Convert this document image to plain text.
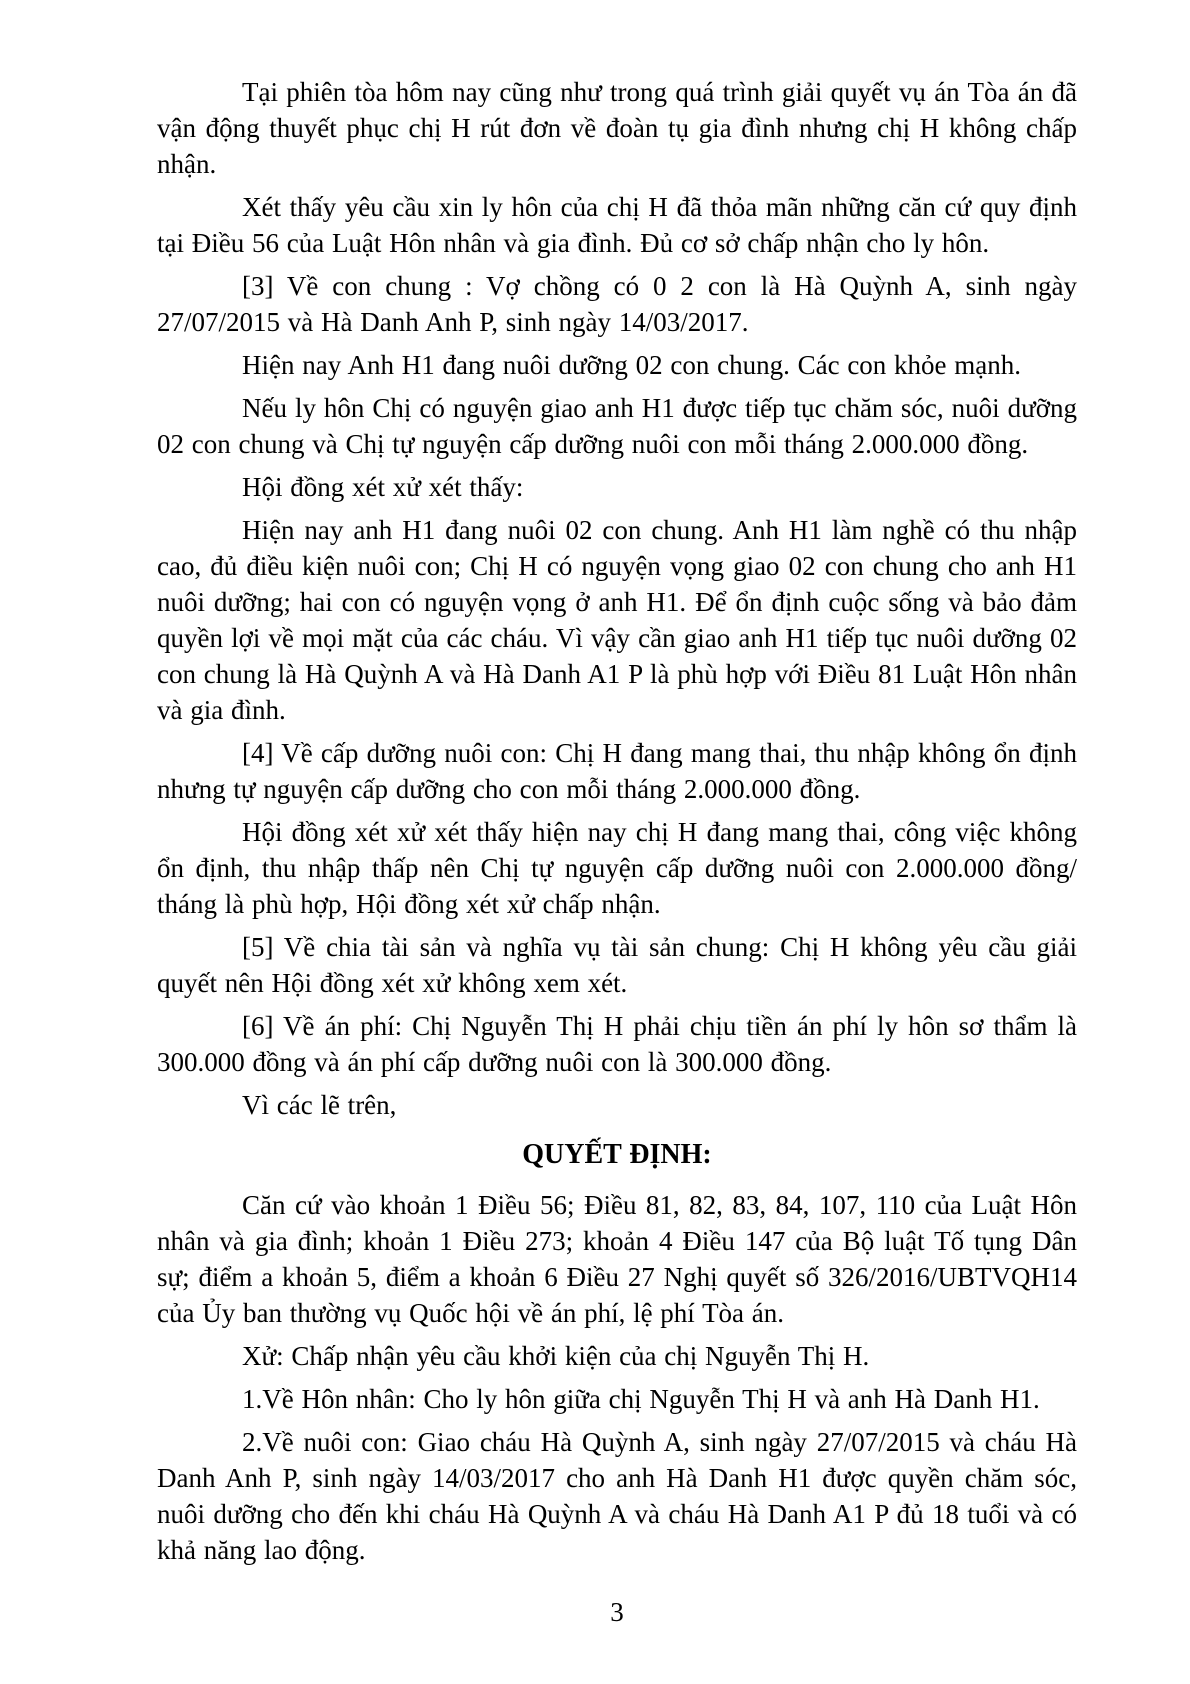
Tại phiên tòa hôm nay cũng như trong quá trình giải quyết vụ án Tòa án đã vận động thuyết phục chị H rút đơn về đoàn tụ gia đình nhưng chị H không chấp nhận.

Xét thấy yêu cầu xin ly hôn của chị H đã thỏa mãn những căn cứ quy định tại Điều 56 của Luật Hôn nhân và gia đình. Đủ cơ sở chấp nhận cho ly hôn.

[3] Về con chung : Vợ chồng có 0 2 con là Hà Quỳnh A, sinh ngày 27/07/2015 và Hà Danh Anh P, sinh ngày 14/03/2017.

Hiện nay Anh H1 đang nuôi dưỡng 02 con chung. Các con khỏe mạnh.

Nếu ly hôn Chị có nguyện giao anh H1 được tiếp tục chăm sóc, nuôi dưỡng 02 con chung và Chị tự nguyện cấp dưỡng nuôi con mỗi tháng 2.000.000 đồng.

Hội đồng xét xử xét thấy:

Hiện nay anh H1 đang nuôi 02 con chung. Anh H1 làm nghề có thu nhập cao, đủ điều kiện nuôi con; Chị H có nguyện vọng giao 02 con chung cho anh H1 nuôi dưỡng; hai con có nguyện vọng ở anh H1. Để ổn định cuộc sống và bảo đảm quyền lợi về mọi mặt của các cháu. Vì vậy cần giao anh H1 tiếp tục nuôi dưỡng 02 con chung là Hà Quỳnh A và Hà Danh A1 P là phù hợp với Điều 81 Luật Hôn nhân và gia đình.

[4] Về cấp dưỡng nuôi con: Chị H đang mang thai, thu nhập không ổn định nhưng tự nguyện cấp dưỡng cho con mỗi tháng 2.000.000 đồng.

Hội đồng xét xử xét thấy hiện nay chị H đang mang thai, công việc không ổn định, thu nhập thấp nên Chị tự nguyện cấp dưỡng nuôi con 2.000.000 đồng/ tháng là phù hợp, Hội đồng xét xử chấp nhận.

[5] Về chia tài sản và nghĩa vụ tài sản chung: Chị H không yêu cầu giải quyết nên Hội đồng xét xử không xem xét.

[6] Về án phí: Chị Nguyễn Thị H phải chịu tiền án phí ly hôn sơ thẩm là 300.000 đồng và án phí cấp dưỡng nuôi con là 300.000 đồng.

Vì các lẽ trên,

QUYẾT ĐỊNH:

Căn cứ vào khoản 1 Điều 56; Điều 81, 82, 83, 84, 107, 110 của Luật Hôn nhân và gia đình; khoản 1 Điều 273; khoản 4 Điều 147 của Bộ luật Tố tụng Dân sự; điểm a khoản 5, điểm a khoản 6 Điều 27 Nghị quyết số 326/2016/UBTVQH14 của Ủy ban thường vụ Quốc hội về án phí, lệ phí Tòa án.

Xử: Chấp nhận yêu cầu khởi kiện của chị Nguyễn Thị H.

1.Về Hôn nhân: Cho ly hôn giữa chị Nguyễn Thị H và anh Hà Danh H1.

2.Về nuôi con: Giao cháu Hà Quỳnh A, sinh ngày 27/07/2015 và cháu Hà Danh Anh P, sinh ngày 14/03/2017 cho anh Hà Danh H1 được quyền chăm sóc, nuôi dưỡng cho đến khi cháu Hà Quỳnh A và cháu Hà Danh A1 P đủ 18 tuổi và có khả năng lao động.

3
